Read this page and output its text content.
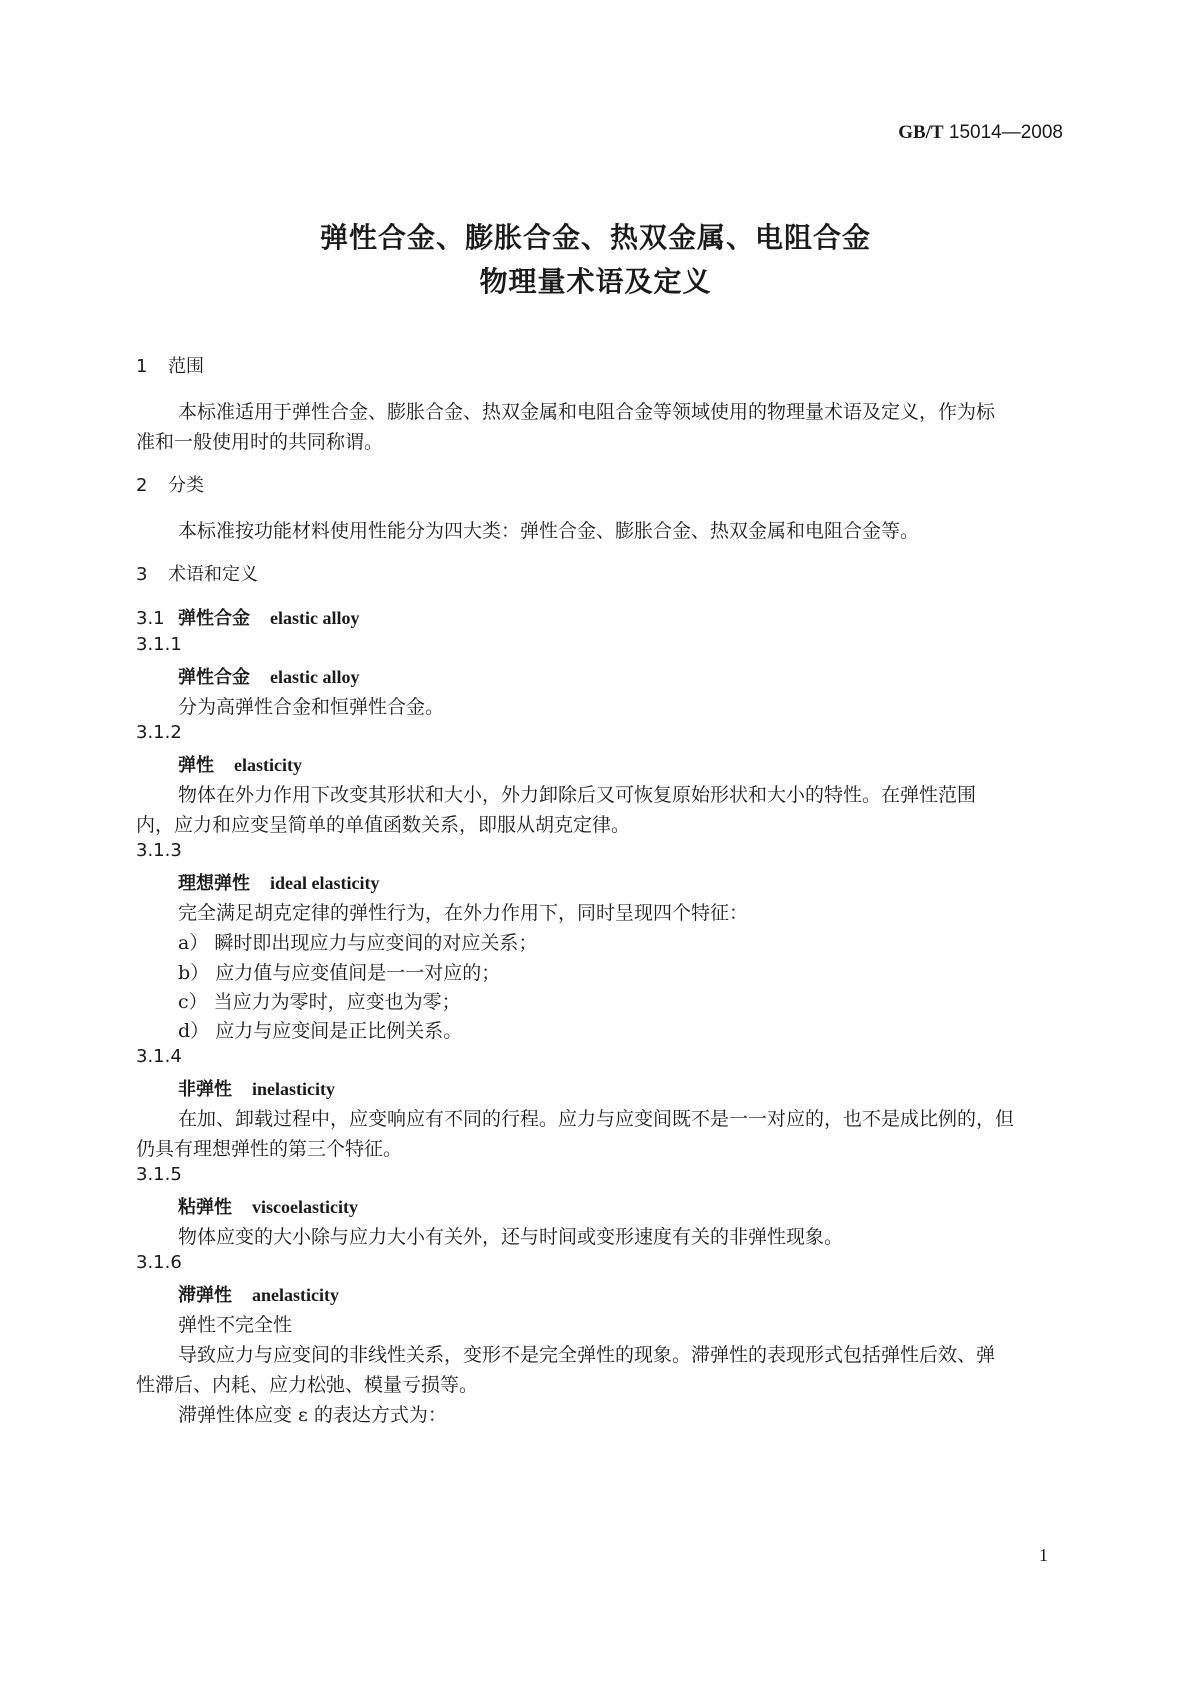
GB/T 15014—2008
弹性合金、膨胀合金、热双金属、电阻合金
物理量术语及定义
1 范围
本标准适用于弹性合金、膨胀合金、热双金属和电阻合金等领域使用的物理量术语及定义，作为标
准和一般使用时的共同称谓。
2 分类
本标准按功能材料使用性能分为四大类：弹性合金、膨胀合金、热双金属和电阻合金等。
3 术语和定义
3.1 弹性合金 elastic alloy
3.1.1
弹性合金 elastic alloy
分为高弹性合金和恒弹性合金。
3.1.2
弹性 elasticity
物体在外力作用下改变其形状和大小，外力卸除后又可恢复原始形状和大小的特性。在弹性范围
内，应力和应变呈简单的单值函数关系，即服从胡克定律。
3.1.3
理想弹性 ideal elasticity
完全满足胡克定律的弹性行为，在外力作用下，同时呈现四个特征：
a） 瞬时即出现应力与应变间的对应关系；
b） 应力值与应变值间是一一对应的；
c） 当应力为零时，应变也为零；
d） 应力与应变间是正比例关系。
3.1.4
非弹性 inelasticity
在加、卸载过程中，应变响应有不同的行程。应力与应变间既不是一一对应的，也不是成比例的，但
仍具有理想弹性的第三个特征。
3.1.5
粘弹性 viscoelasticity
物体应变的大小除与应力大小有关外，还与时间或变形速度有关的非弹性现象。
3.1.6
滞弹性 anelasticity
弹性不完全性
导致应力与应变间的非线性关系，变形不是完全弹性的现象。滞弹性的表现形式包括弹性后效、弹
性滞后、内耗、应力松弛、模量亏损等。
滞弹性体应变 ε 的表达方式为：
1
